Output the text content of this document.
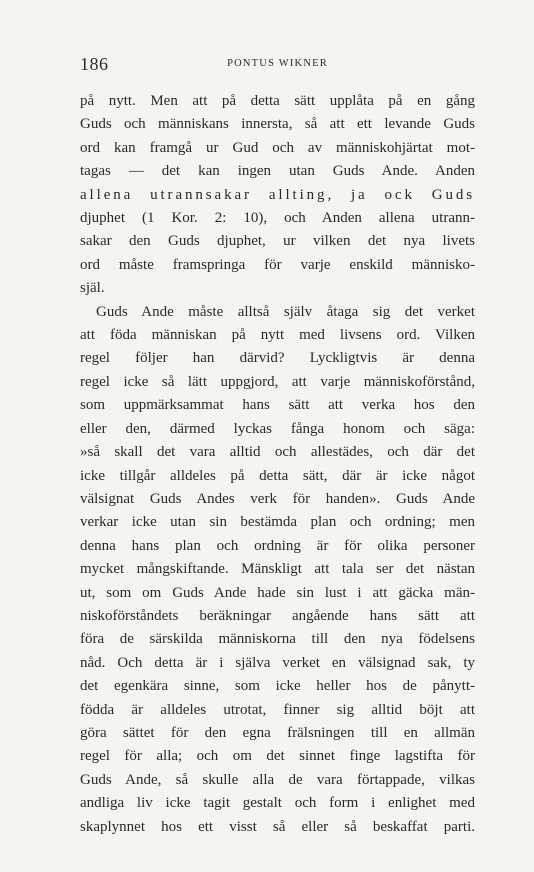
186	PONTUS WIKNER
på nytt. Men att på detta sätt upplåta på en gång
Guds och människans innersta, så att ett levande Guds
ord kan framgå ur Gud och av människohjärtat mot-
tagas — det kan ingen utan Guds Ande. Anden
allena utrannsakar allting, ja ock Guds
djuphet (1 Kor. 2: 10), och Anden allena utrann-
sakar den Guds djuphet, ur vilken det nya livets
ord måste framspringa för varje enskild människo-
själ.
Guds Ande måste alltså själv åtaga sig det verket
att föda människan på nytt med livsens ord. Vilken
regel följer han därvid? Lyckligtvis är denna
regel icke så lätt uppgjord, att varje människoförstånd,
som uppmärksammat hans sätt att verka hos den
eller den, därmed lyckas fånga honom och säga:
»så skall det vara alltid och allestädes, och där det
icke tillgår alldeles på detta sätt, där är icke något
välsignat Guds Andes verk för handen». Guds Ande
verkar icke utan sin bestämda plan och ordning; men
denna hans plan och ordning är för olika personer
mycket mångskiftande. Mänskligt att tala ser det nästan
ut, som om Guds Ande hade sin lust i att gäcka män-
niskoförståndets beräkningar angående hans sätt att
föra de särskilda människorna till den nya födelsens
nåd. Och detta är i själva verket en välsignad sak, ty
det egenkära sinne, som icke heller hos de pånytt-
födda är alldeles utrotat, finner sig alltid böjt att
göra sättet för den egna frälsningen till en allmän
regel för alla; och om det sinnet finge lagstifta för
Guds Ande, så skulle alla de vara förtappade, vilkas
andliga liv icke tagit gestalt och form i enlighet med
skaplynnet hos ett visst så eller så beskaffat parti.
